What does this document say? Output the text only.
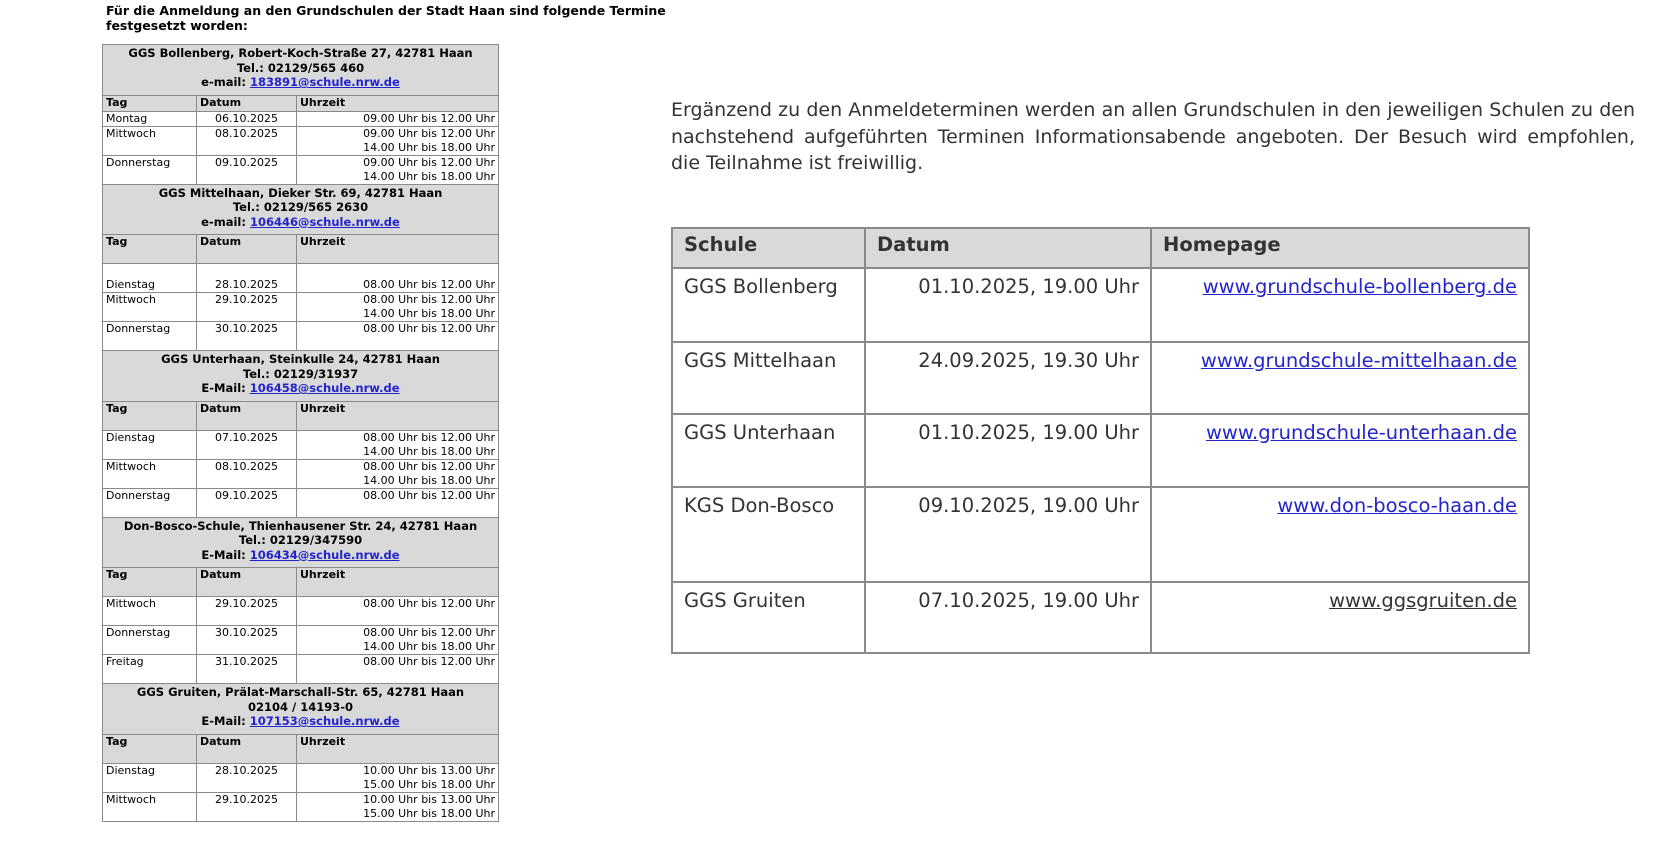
Für die Anmeldung an den Grundschulen der Stadt Haan sind folgende Termine festgesetzt worden:
GGS Bollenberg, Robert-Koch-Straße 27, 42781 Haan
Tel.: 02129/565 460
e-mail: 183891@schule.nrw.de		

Tag	Datum	Uhrzeit
Montag	06.10.2025	09.00 Uhr bis 12.00 Uhr

Mittwoch	08.10.2025	09.00 Uhr bis 12.00 Uhr
14.00 Uhr bis 18.00 Uhr

Donnerstag	09.10.2025	09.00 Uhr bis 12.00 Uhr
14.00 Uhr bis 18.00 Uhr

GGS Mittelhaan, Dieker Str. 69, 42781 Haan
Tel.: 02129/565 2630
e-mail: 106446@schule.nrw.de		

Tag	Datum	Uhrzeit
Dienstag	28.10.2025	08.00 Uhr bis 12.00 Uhr

Mittwoch	29.10.2025	08.00 Uhr bis 12.00 Uhr
14.00 Uhr bis 18.00 Uhr

Donnerstag	30.10.2025	08.00 Uhr bis 12.00 Uhr

GGS Unterhaan, Steinkulle 24, 42781 Haan
Tel.: 02129/31937
E-Mail: 106458@schule.nrw.de		

Tag	Datum	Uhrzeit
Dienstag	07.10.2025	08.00 Uhr bis 12.00 Uhr
14.00 Uhr bis 18.00 Uhr

Mittwoch	08.10.2025	08.00 Uhr bis 12.00 Uhr
14.00 Uhr bis 18.00 Uhr

Donnerstag	09.10.2025	08.00 Uhr bis 12.00 Uhr

Don-Bosco-Schule, Thienhausener Str. 24, 42781 Haan
Tel.: 02129/347590
E-Mail: 106434@schule.nrw.de		

Tag	Datum	Uhrzeit
Mittwoch	29.10.2025	08.00 Uhr bis 12.00 Uhr

Donnerstag	30.10.2025	08.00 Uhr bis 12.00 Uhr
14.00 Uhr bis 18.00 Uhr

Freitag	31.10.2025	08.00 Uhr bis 12.00 Uhr

GGS Gruiten, Prälat-Marschall-Str. 65, 42781 Haan
02104 / 14193-0
E-Mail: 107153@schule.nrw.de		

Tag	Datum	Uhrzeit
Dienstag	28.10.2025	10.00 Uhr bis 13.00 Uhr
15.00 Uhr bis 18.00 Uhr

Mittwoch	29.10.2025	10.00 Uhr bis 13.00 Uhr
15.00 Uhr bis 18.00 Uhr
Ergänzend zu den Anmeldeterminen werden an allen Grundschulen in den jeweiligen Schulen zu den nachstehend aufgeführten Terminen Informationsabende angeboten. Der Besuch wird empfohlen, die Teilnahme ist freiwillig.
Schule	Datum	Homepage
GGS Bollenberg	01.10.2025, 19.00 Uhr	www.grundschule-bollenberg.de
GGS Mittelhaan	24.09.2025, 19.30 Uhr	www.grundschule-mittelhaan.de
GGS Unterhaan	01.10.2025, 19.00 Uhr	www.grundschule-unterhaan.de
KGS Don-Bosco	09.10.2025, 19.00 Uhr	www.don-bosco-haan.de
GGS Gruiten	07.10.2025, 19.00 Uhr	www.ggsgruiten.de
